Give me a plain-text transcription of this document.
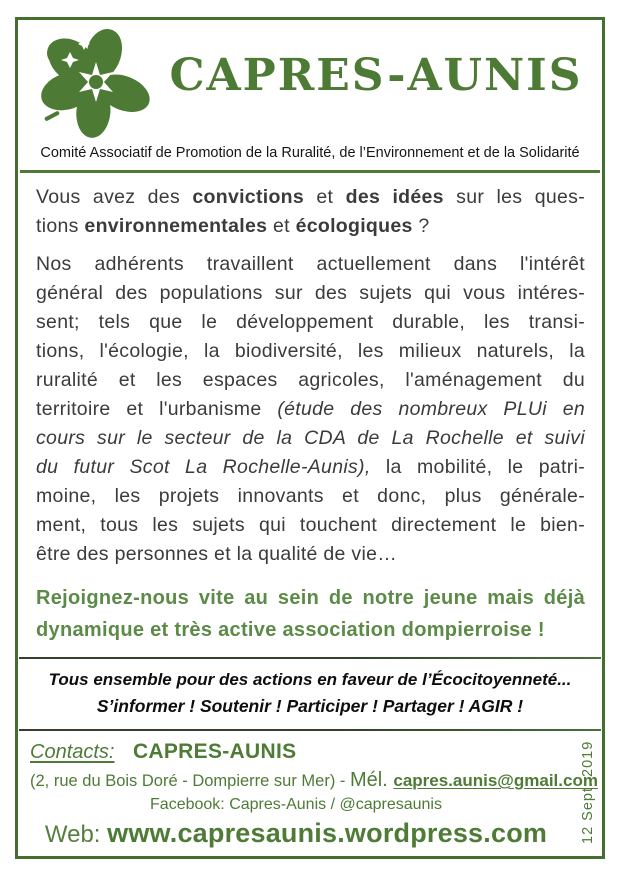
CAPRES-AUNIS
Comité Associatif de Promotion de la Ruralité, de l’Environnement et de la Solidarité
Vous avez des convictions et des idées sur les ques-
tions environnementales et écologiques ?
Nos adhérents travaillent actuellement dans l'intérêt
général des populations sur des sujets qui vous intéres-
sent; tels que le développement durable, les transi-
tions, l'écologie, la biodiversité, les milieux naturels, la
ruralité et les espaces agricoles, l'aménagement du
territoire et l'urbanisme (étude des nombreux PLUi en
cours sur le secteur de la CDA de La Rochelle et suivi
du futur Scot La Rochelle-Aunis), la mobilité, le patri-
moine, les projets innovants et donc, plus générale-
ment, tous les sujets qui touchent directement le bien-
être des personnes et la qualité de vie…
Rejoignez-nous vite au sein de notre jeune mais déjà
dynamique et très active association dompierroise !
Tous ensemble pour des actions en faveur de l’Écocitoyenneté...
S’informer ! Soutenir ! Participer ! Partager ! AGIR !
Contacts: CAPRES-AUNIS
(2, rue du Bois Doré - Dompierre sur Mer) - Mél. capres.aunis@gmail.com
Facebook: Capres-Aunis / @capresaunis
Web: www.capresaunis.wordpress.com	12 Sept. 2019
